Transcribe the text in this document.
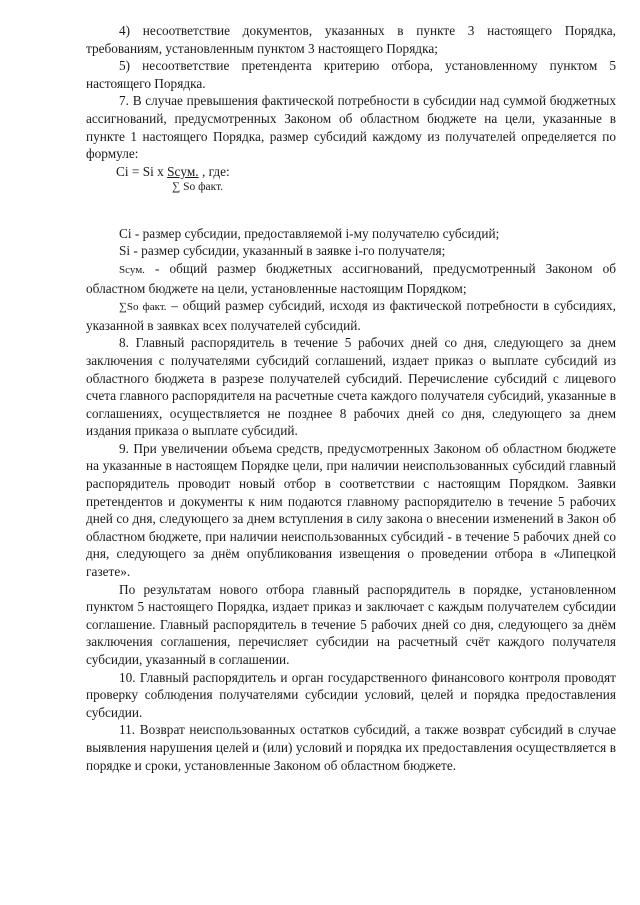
4) несоответствие документов, указанных в пункте 3 настоящего Порядка, требованиям, установленным пунктом 3 настоящего Порядка;

5) несоответствие претендента критерию отбора, установленному пунктом 5 настоящего Порядка.

7. В случае превышения фактической потребности в субсидии над суммой бюджетных ассигнований, предусмотренных Законом об областном бюджете на цели, указанные в пункте 1 настоящего Порядка, размер субсидий каждому из получателей определяется по формуле:

Ci = Si x Scум. , где:
∑ So факт.

Ci - размер субсидии, предоставляемой i-му получателю субсидий;

Si - размер субсидии, указанный в заявке i-го получателя;

Sсум. - общий размер бюджетных ассигнований, предусмотренный Законом об областном бюджете на цели, установленные настоящим Порядком;

∑So факт. – общий размер субсидий, исходя из фактической потребности в субсидиях, указанной в заявках всех получателей субсидий.

8. Главный распорядитель в течение 5 рабочих дней со дня, следующего за днем заключения с получателями субсидий соглашений, издает приказ о выплате субсидий из областного бюджета в разрезе получателей субсидий. Перечисление субсидий с лицевого счета главного распорядителя на расчетные счета каждого получателя субсидий, указанные в соглашениях, осуществляется не позднее 8 рабочих дней со дня, следующего за днем издания приказа о выплате субсидий.

9. При увеличении объема средств, предусмотренных Законом об областном бюджете на указанные в настоящем Порядке цели, при наличии неиспользованных субсидий главный распорядитель проводит новый отбор в соответствии с настоящим Порядком. Заявки претендентов и документы к ним подаются главному распорядителю в течение 5 рабочих дней со дня, следующего за днем вступления в силу закона о внесении изменений в Закон об областном бюджете, при наличии неиспользованных субсидий - в течение 5 рабочих дней со дня, следующего за днём опубликования извещения о проведении отбора в «Липецкой газете».

По результатам нового отбора главный распорядитель в порядке, установленном пунктом 5 настоящего Порядка, издает приказ и заключает с каждым получателем субсидии соглашение. Главный распорядитель в течение 5 рабочих дней со дня, следующего за днём заключения соглашения, перечисляет субсидии на расчетный счёт каждого получателя субсидии, указанный в соглашении.

10. Главный распорядитель и орган государственного финансового контроля проводят проверку соблюдения получателями субсидии условий, целей и порядка предоставления субсидии.

11. Возврат неиспользованных остатков субсидий, а также возврат субсидий в случае выявления нарушения целей и (или) условий и порядка их предоставления осуществляется в порядке и сроки, установленные Законом об областном бюджете.
